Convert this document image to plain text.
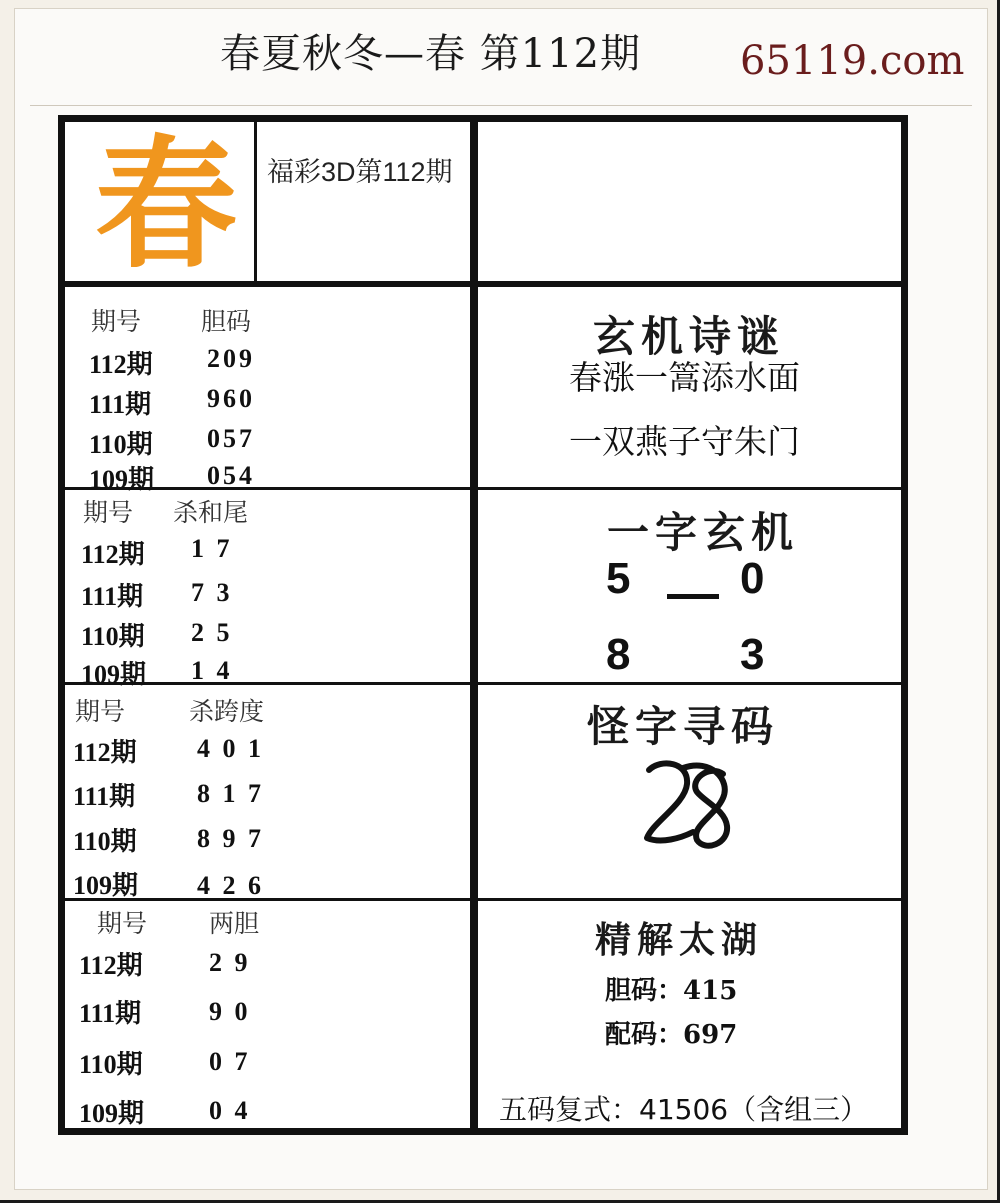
春夏秋冬—春 第112期 65119.com
春 福彩3D第112期
期号 胆码
112期 209
111期 960
110期 057
109期 054
期号 杀和尾
112期 1 7
111期 7 3
110期 2 5
109期 1 4
期号	杀跨度
112期 4 0 1
111期 8 1 7
110期 8 9 7
109期 4 2 6
期号 两胆
112期	2 9
111期	9 0
110期	0 7
109期 0 4
玄机诗谜
春涨一篙添水面
一双燕子守朱门
一字玄机
5 0
8 3
怪字寻码
精解太湖
胆码：415
配码：697
五码复式：41506（含组三）
